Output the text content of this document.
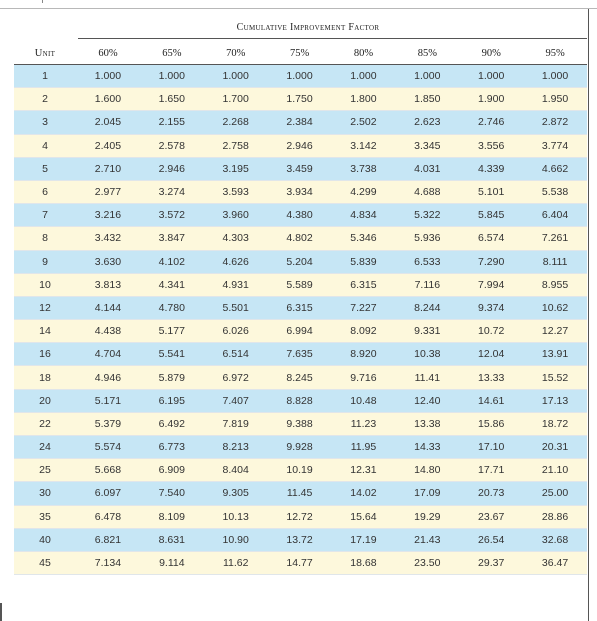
Cumulative Improvement Factor
Unit	60%	65%	70%	75%	80%	85%	90%	95%
1	1.000	1.000	1.000	1.000	1.000	1.000	1.000	1.000
2	1.600	1.650	1.700	1.750	1.800	1.850	1.900	1.950
3	2.045	2.155	2.268	2.384	2.502	2.623	2.746	2.872
4	2.405	2.578	2.758	2.946	3.142	3.345	3.556	3.774
5	2.710	2.946	3.195	3.459	3.738	4.031	4.339	4.662
6	2.977	3.274	3.593	3.934	4.299	4.688	5.101	5.538
7	3.216	3.572	3.960	4.380	4.834	5.322	5.845	6.404
8	3.432	3.847	4.303	4.802	5.346	5.936	6.574	7.261
9	3.630	4.102	4.626	5.204	5.839	6.533	7.290	8.111
10	3.813	4.341	4.931	5.589	6.315	7.116	7.994	8.955
12	4.144	4.780	5.501	6.315	7.227	8.244	9.374	10.62
14	4.438	5.177	6.026	6.994	8.092	9.331	10.72	12.27
16	4.704	5.541	6.514	7.635	8.920	10.38	12.04	13.91
18	4.946	5.879	6.972	8.245	9.716	11.41	13.33	15.52
20	5.171	6.195	7.407	8.828	10.48	12.40	14.61	17.13
22	5.379	6.492	7.819	9.388	11.23	13.38	15.86	18.72
24	5.574	6.773	8.213	9.928	11.95	14.33	17.10	20.31
25	5.668	6.909	8.404	10.19	12.31	14.80	17.71	21.10
30	6.097	7.540	9.305	11.45	14.02	17.09	20.73	25.00
35	6.478	8.109	10.13	12.72	15.64	19.29	23.67	28.86
40	6.821	8.631	10.90	13.72	17.19	21.43	26.54	32.68
45	7.134	9.114	11.62	14.77	18.68	23.50	29.37	36.47
